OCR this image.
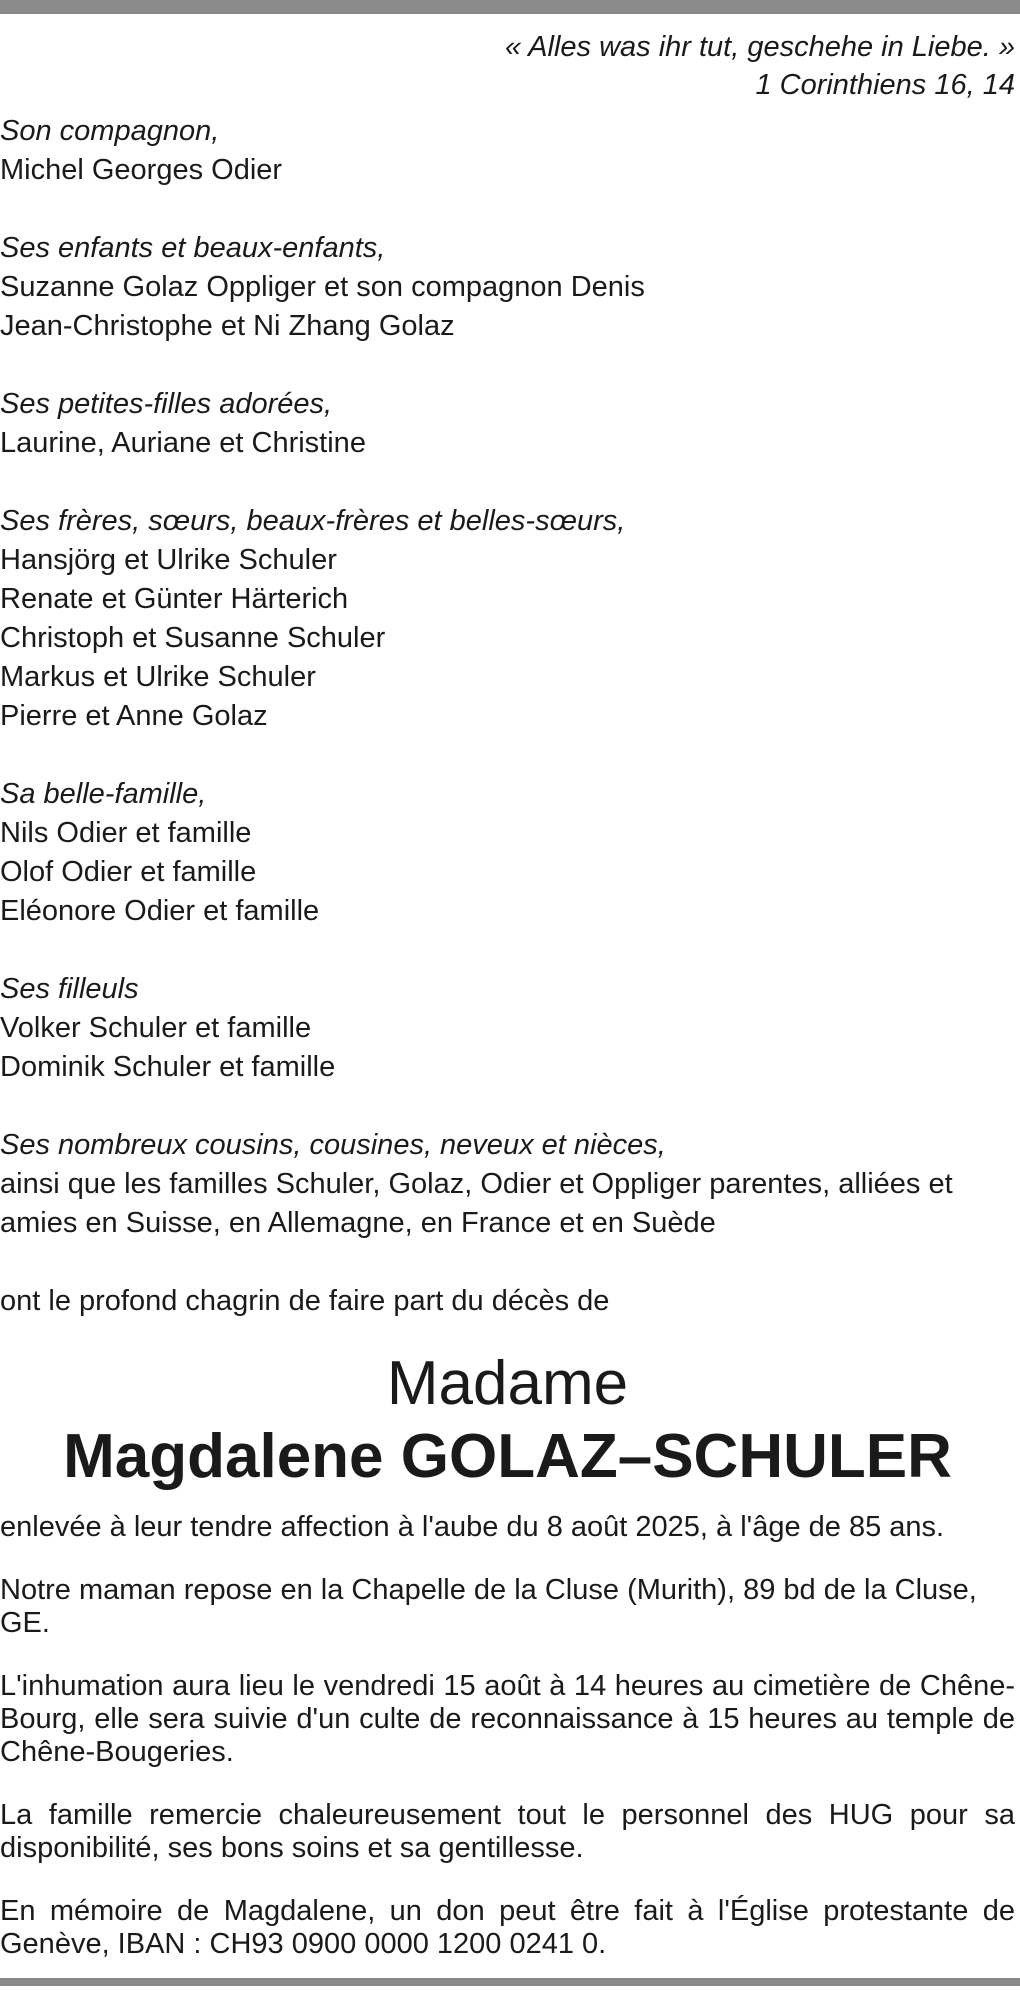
« Alles was ihr tut, geschehe in Liebe. »
1 Corinthiens 16, 14
Son compagnon,
Michel Georges Odier
Ses enfants et beaux-enfants,
Suzanne Golaz Oppliger et son compagnon Denis
Jean-Christophe et Ni Zhang Golaz
Ses petites-filles adorées,
Laurine, Auriane et Christine
Ses frères, sœurs, beaux-frères et belles-sœurs,
Hansjörg et Ulrike Schuler
Renate et Günter Härterich
Christoph et Susanne Schuler
Markus et Ulrike Schuler
Pierre et Anne Golaz
Sa belle-famille,
Nils Odier et famille
Olof Odier et famille
Eléonore Odier et famille
Ses filleuls
Volker Schuler et famille
Dominik Schuler et famille
Ses nombreux cousins, cousines, neveux et nièces,
ainsi que les familles Schuler, Golaz, Odier et Oppliger parentes, alliées et
amies en Suisse, en Allemagne, en France et en Suède
ont le profond chagrin de faire part du décès de
Madame
Magdalene GOLAZ–SCHULER
enlevée à leur tendre affection à l'aube du 8 août 2025, à l'âge de 85 ans.
Notre maman repose en la Chapelle de la Cluse (Murith), 89 bd de la Cluse, GE.
L'inhumation aura lieu le vendredi 15 août à 14 heures au cimetière de Chêne-Bourg, elle sera suivie d'un culte de reconnaissance à 15 heures au temple de Chêne-Bougeries.
La famille remercie chaleureusement tout le personnel des HUG pour sa disponibilité, ses bons soins et sa gentillesse.
En mémoire de Magdalene, un don peut être fait à l'Église protestante de Genève, IBAN : CH93 0900 0000 1200 0241 0.
